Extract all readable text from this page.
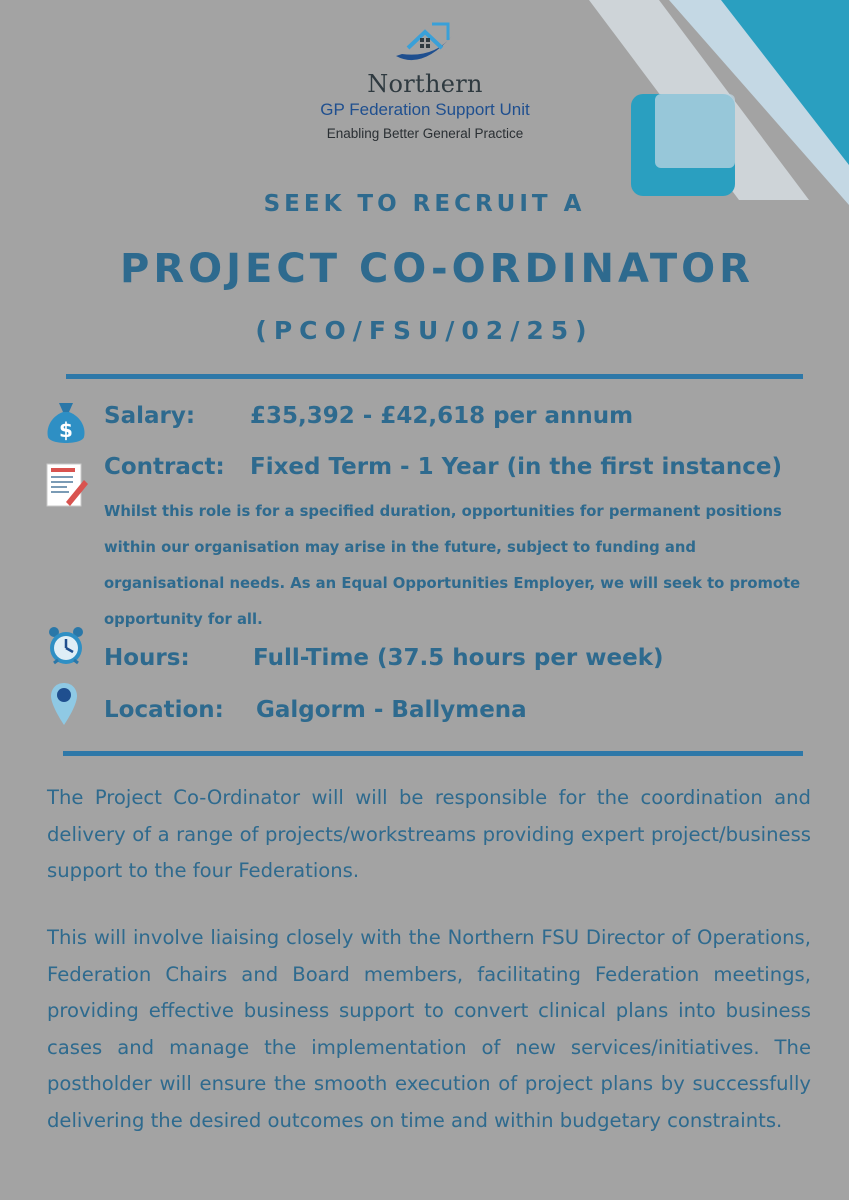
Northern
GP Federation Support Unit
Enabling Better General Practice
SEEK TO RECRUIT A
PROJECT CO-ORDINATOR
(PCO/FSU/02/25)
$
Salary: £35,392 - £42,618 per annum
Contract: Fixed Term - 1 Year (in the first instance)
Whilst this role is for a specified duration, opportunities for permanent positions within our organisation may arise in the future, subject to funding and organisational needs. As an Equal Opportunities Employer, we will seek to promote opportunity for all.
Hours:	Full-Time (37.5 hours per week)
Location: Galgorm - Ballymena
The Project Co-Ordinator will will be responsible for the coordination and delivery of a range of projects/workstreams providing expert project/business support to the four Federations.
This will involve liaising closely with the Northern FSU Director of Operations, Federation Chairs and Board members, facilitating Federation meetings, providing effective business support to convert clinical plans into business cases and manage the implementation of new services/initiatives. The postholder will ensure the smooth execution of project plans by successfully delivering the desired outcomes on time and within budgetary constraints.
